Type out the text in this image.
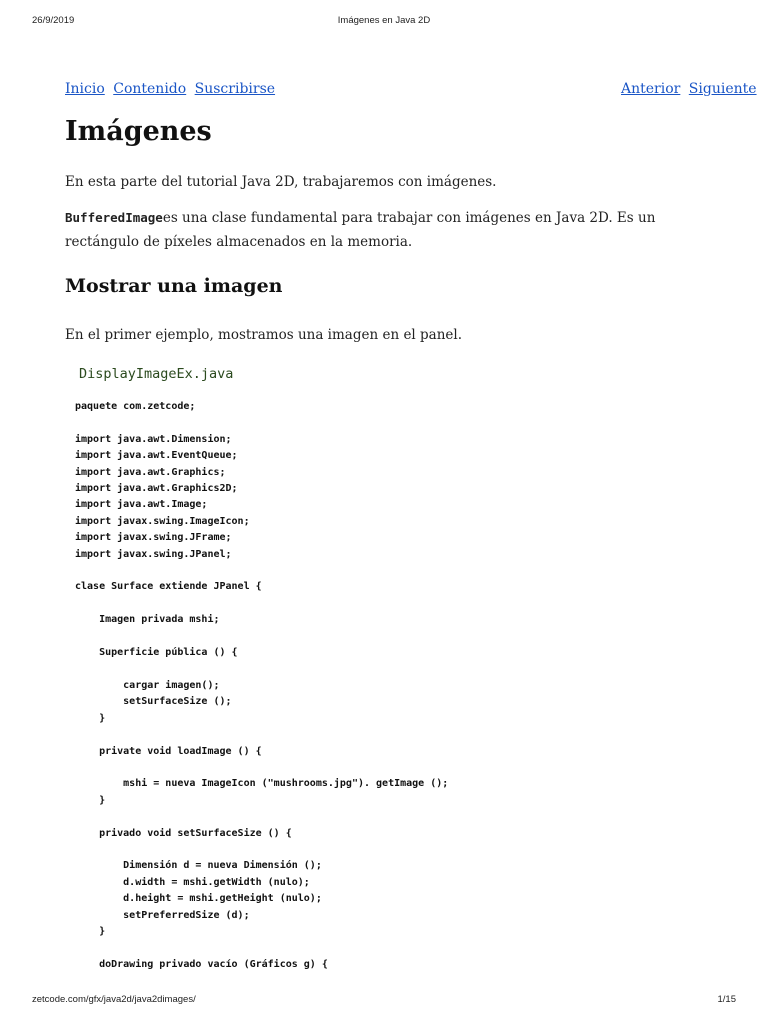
26/9/2019	Imágenes en Java 2D
Inicio Contenido Suscribirse	Anterior Siguiente
Imágenes

En esta parte del tutorial Java 2D, trabajaremos con imágenes.

BufferedImagees una clase fundamental para trabajar con imágenes en Java 2D. Es un rectángulo de píxeles almacenados en la memoria.

Mostrar una imagen

En el primer ejemplo, mostramos una imagen en el panel.

DisplayImageEx.java
paquete com.zetcode;

import java.awt.Dimension;
import java.awt.EventQueue;
import java.awt.Graphics;
import java.awt.Graphics2D;
import java.awt.Image;
import javax.swing.ImageIcon;
import javax.swing.JFrame;
import javax.swing.JPanel;

clase Surface extiende JPanel {

Imagen privada mshi;

Superficie pública () {

cargar imagen();
setSurfaceSize ();
}

private void loadImage () {

mshi = nueva ImageIcon ("mushrooms.jpg"). getImage ();
}

privado void setSurfaceSize () {

Dimensión d = nueva Dimensión ();
d.width = mshi.getWidth (nulo);
d.height = mshi.getHeight (nulo);
setPreferredSize (d);
}

doDrawing privado vacío (Gráficos g) {
zetcode.com/gfx/java2d/java2dimages/	1/15
